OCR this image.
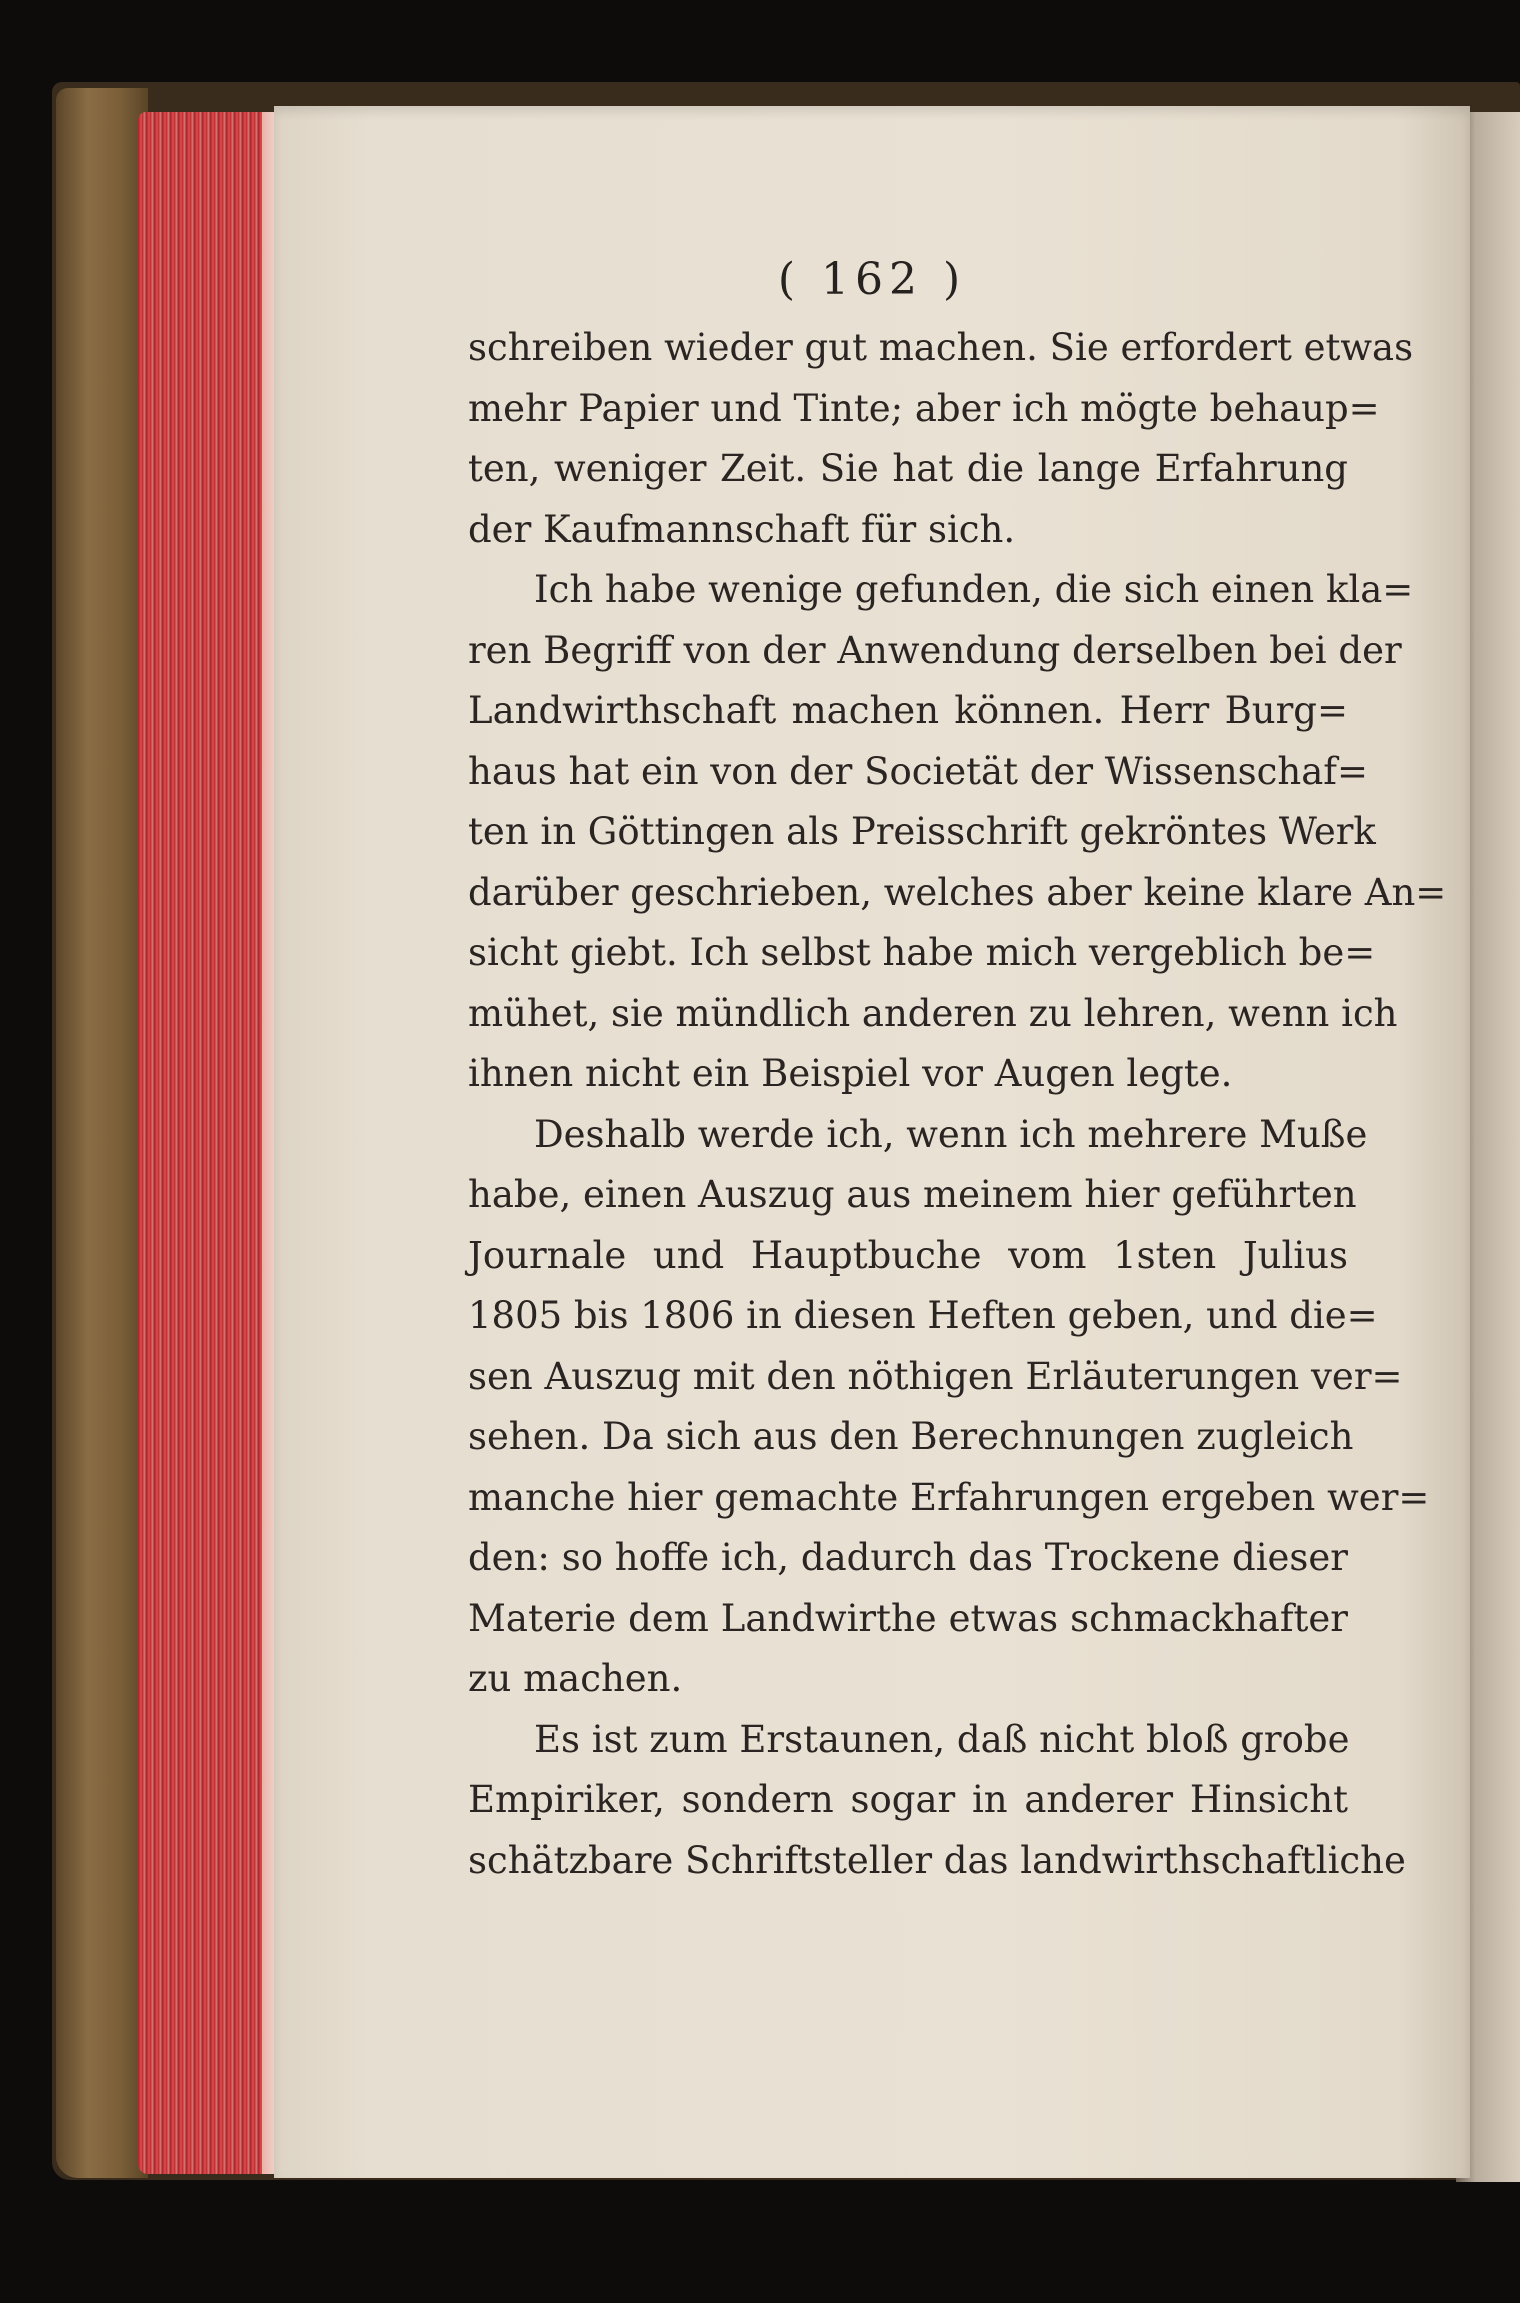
( 162 )
schreiben wieder gut machen. Sie erfordert etwas
mehr Papier und Tinte; aber ich mögte behaup=
ten, weniger Zeit. Sie hat die lange Erfahrung
der Kaufmannschaft für sich.
Ich habe wenige gefunden, die sich einen kla=
ren Begriff von der Anwendung derselben bei der
Landwirthschaft machen können. Herr Burg=
haus hat ein von der Societät der Wissenschaf=
ten in Göttingen als Preisschrift gekröntes Werk
darüber geschrieben, welches aber keine klare An=
sicht giebt. Ich selbst habe mich vergeblich be=
mühet, sie mündlich anderen zu lehren, wenn ich
ihnen nicht ein Beispiel vor Augen legte.
Deshalb werde ich, wenn ich mehrere Muße
habe, einen Auszug aus meinem hier geführten
Journale und Hauptbuche vom 1sten Julius
1805 bis 1806 in diesen Heften geben, und die=
sen Auszug mit den nöthigen Erläuterungen ver=
sehen. Da sich aus den Berechnungen zugleich
manche hier gemachte Erfahrungen ergeben wer=
den: so hoffe ich, dadurch das Trockene dieser
Materie dem Landwirthe etwas schmackhafter
zu machen.
Es ist zum Erstaunen, daß nicht bloß grobe
Empiriker, sondern sogar in anderer Hinsicht
schätzbare Schriftsteller das landwirthschaftliche
